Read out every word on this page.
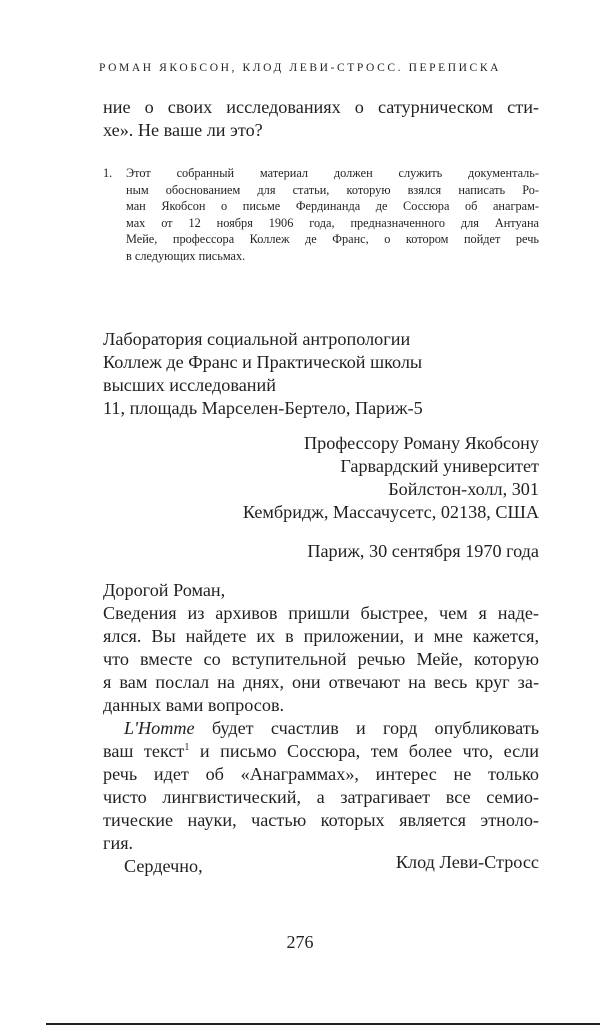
РОМАН ЯКОБСОН, КЛОД ЛЕВИ-СТРОСС. ПЕРЕПИСКА
ние о своих исследованиях о сатурническом сти-
хе». Не ваше ли это?
1. Этот собранный материал должен служить документаль-
ным обоснованием для статьи, которую взялся написать Ро-
ман Якобсон о письме Фердинанда де Соссюра об анаграм-
мах от 12 ноября 1906 года, предназначенного для Антуана
Мейе, профессора Коллеж де Франс, о котором пойдет речь
в следующих письмах.
Лаборатория социальной антропологии
Коллеж де Франс и Практической школы
высших исследований
11, площадь Марселен-Бертело, Париж-5
Профессору Роману Якобсону
Гарвардский университет
Бойлстон-холл, 301
Кембридж, Массачусетс, 02138, США
Париж, 30 сентября 1970 года
Дорогой Роман,
Сведения из архивов пришли быстрее, чем я наде-
ялся. Вы найдете их в приложении, и мне кажется,
что вместе со вступительной речью Мейе, которую
я вам послал на днях, они отвечают на весь круг за-
данных вами вопросов.
L'Homme будет счастлив и горд опубликовать
ваш текст$^1$ и письмо Соссюра, тем более что, если
речь идет об «Анаграммах», интерес не только
чисто лингвистический, а затрагивает все семио-
тические науки, частью которых является этноло-
гия.
Сердечно,	Клод Леви-Стросс
276
